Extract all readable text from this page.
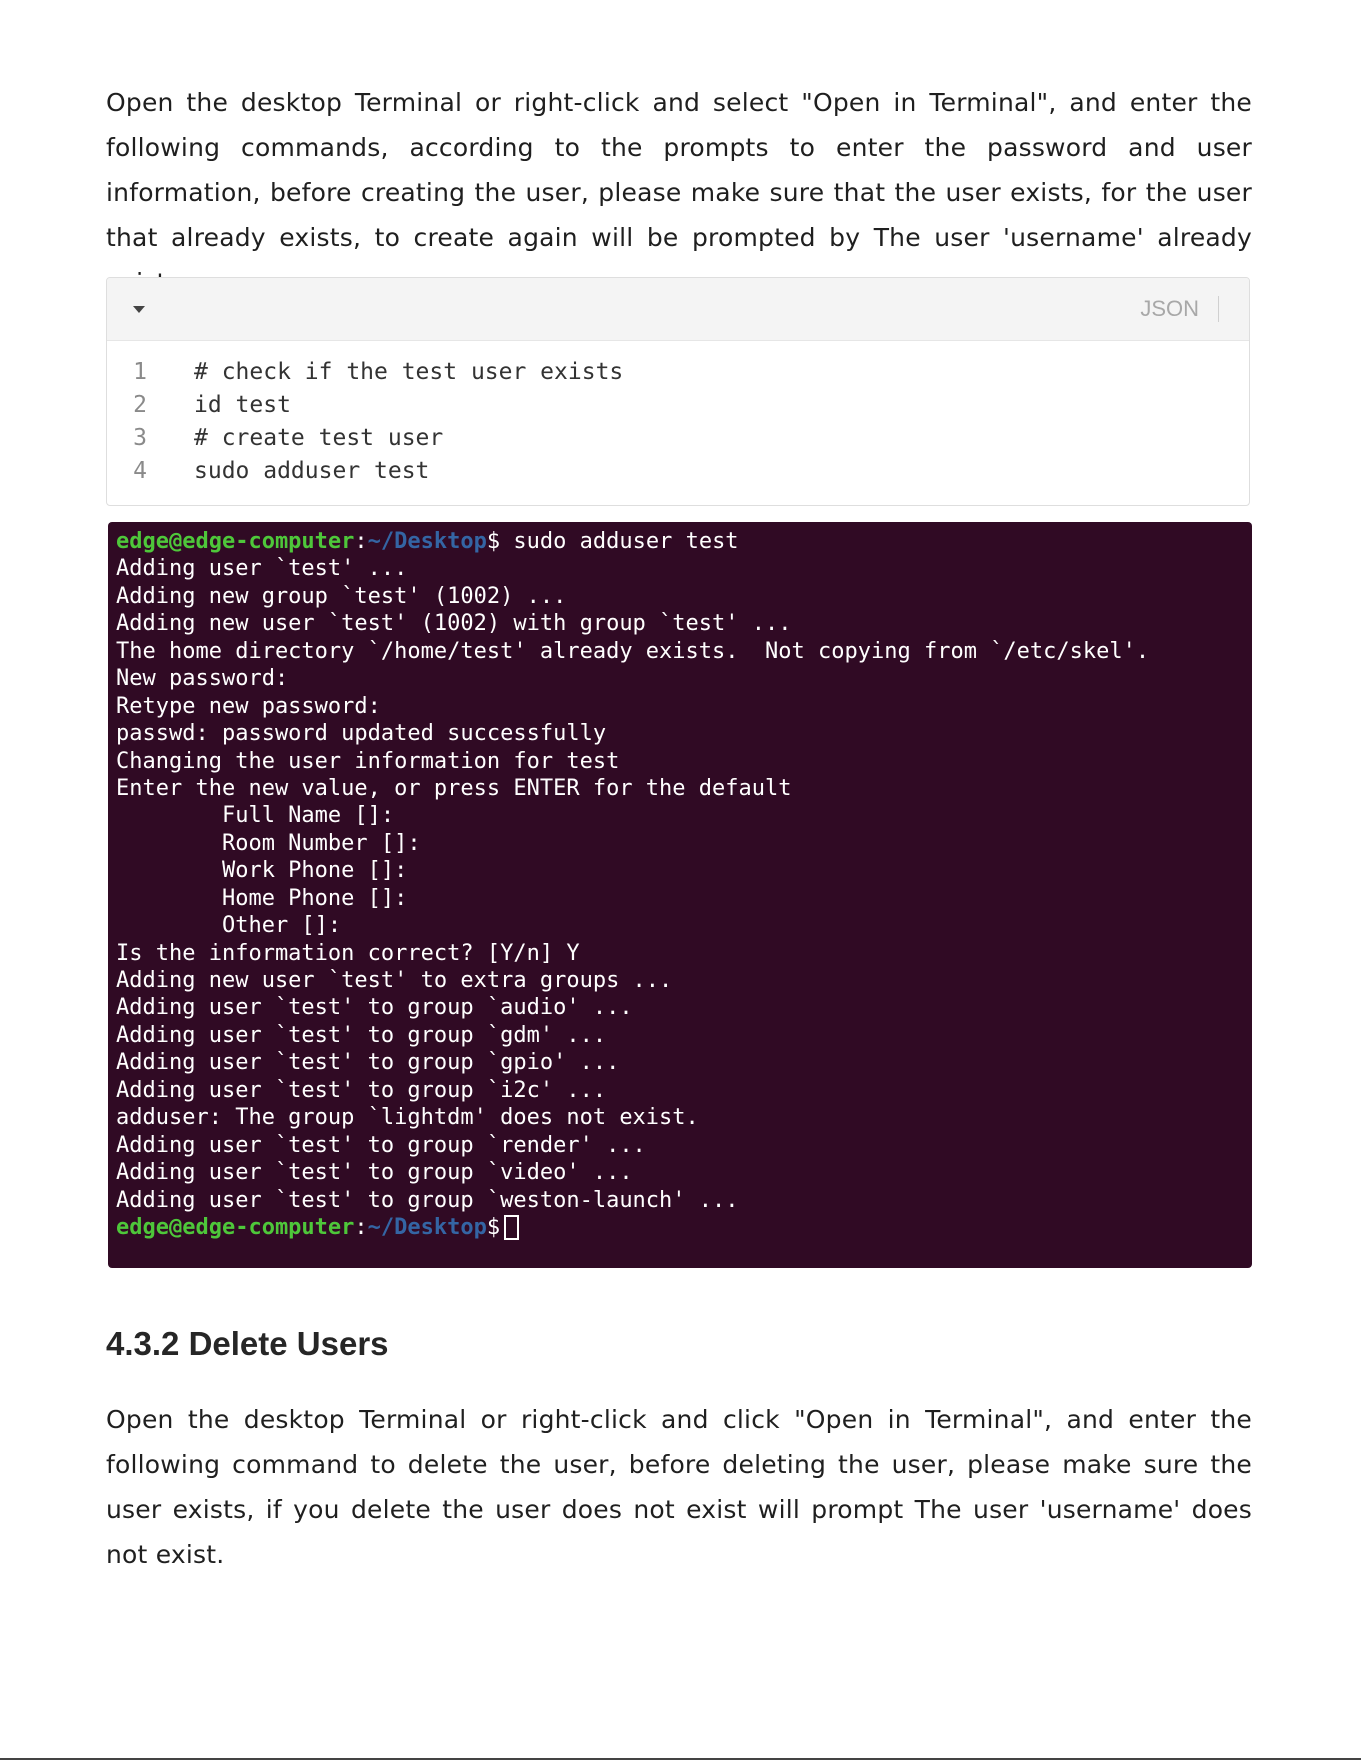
Open the desktop Terminal or right-click and select "Open in Terminal", and enter the following commands, according to the prompts to enter the password and user information, before creating the user, please make sure that the user exists, for the user that already exists, to create again will be prompted by The user 'username' already

JSON
1 # check if the test user exists
2 id test
3 # create test user
4 sudo adduser test
edge@edge-computer:~/Desktop$ sudo adduser test
Adding user `test' ...
Adding new group `test' (1002) ...
Adding new user `test' (1002) with group `test' ...
The home directory `/home/test' already exists.  Not copying from `/etc/skel'.
New password:
Retype new password:
passwd: password updated successfully
Changing the user information for test
Enter the new value, or press ENTER for the default
Full Name []:
Room Number []:
Work Phone []:
Home Phone []:
Other []:
Is the information correct? [Y/n] Y
Adding new user `test' to extra groups ...
Adding user `test' to group `audio' ...
Adding user `test' to group `gdm' ...
Adding user `test' to group `gpio' ...
Adding user `test' to group `i2c' ...
adduser: The group `lightdm' does not exist.
Adding user `test' to group `render' ...
Adding user `test' to group `video' ...
Adding user `test' to group `weston-launch' ...
edge@edge-computer:~/Desktop$
4.3.2 Delete Users

Open the desktop Terminal or right-click and click "Open in Terminal", and enter the following command to delete the user, before deleting the user, please make sure the user exists, if you delete the user does not exist will prompt The user 'username' does not exist.
